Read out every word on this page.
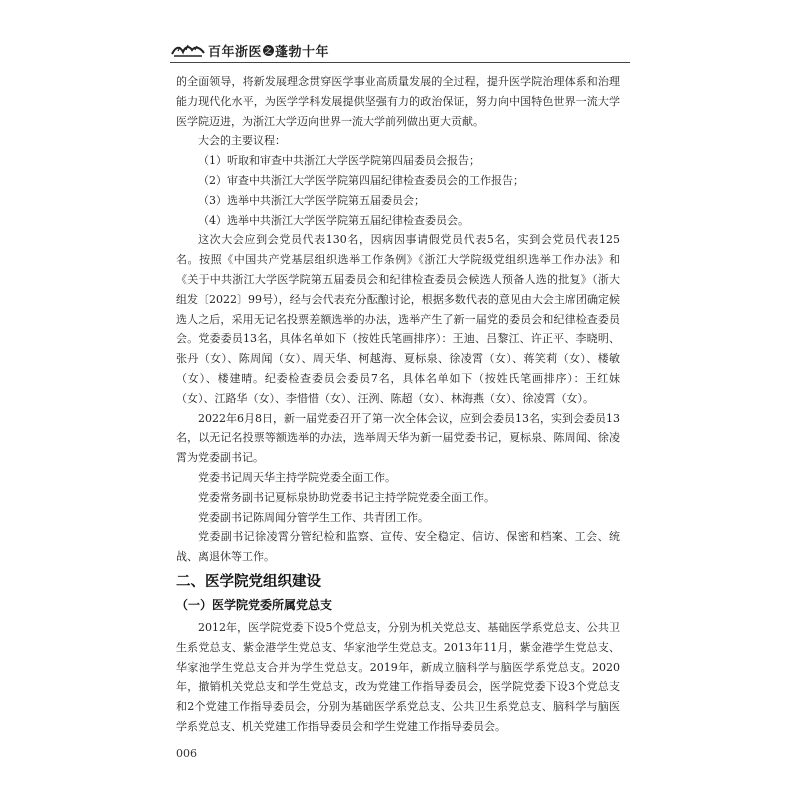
百年浙医 之 蓬勃十年

的全面领导，将新发展理念贯穿医学事业高质量发展的全过程，提升医学院治理体系和治理能力现代化水平，为医学学科发展提供坚强有力的政治保证，努力向中国特色世界一流大学医学院迈进，为浙江大学迈向世界一流大学前列做出更大贡献。

大会的主要议程：

（1）听取和审查中共浙江大学医学院第四届委员会报告；

（2）审查中共浙江大学医学院第四届纪律检查委员会的工作报告；

（3）选举中共浙江大学医学院第五届委员会；

（4）选举中共浙江大学医学院第五届纪律检查委员会。

这次大会应到会党员代表130名，因病因事请假党员代表5名，实到会党员代表125名。按照《中国共产党基层组织选举工作条例》《浙江大学院级党组织选举工作办法》和《关于中共浙江大学医学院第五届委员会和纪律检查委员会候选人预备人选的批复》（浙大组发〔2022〕99号），经与会代表充分酝酿讨论，根据多数代表的意见由大会主席团确定候选人之后，采用无记名投票差额选举的办法，选举产生了新一届党的委员会和纪律检查委员会。党委委员13名，具体名单如下（按姓氏笔画排序）：王迪、吕黎江、许正平、李晓明、张丹（女）、陈周闻（女）、周天华、柯越海、夏标泉、徐凌霄（女）、蒋笑莉（女）、楼敏（女）、楼建晴。纪委检查委员会委员7名，具体名单如下（按姓氏笔画排序）：王红妹（女）、江路华（女）、李惜惜（女）、汪洌、陈超（女）、林海燕（女）、徐凌霄（女）。

2022年6月8日，新一届党委召开了第一次全体会议，应到会委员13名，实到会委员13名，以无记名投票等额选举的办法，选举周天华为新一届党委书记，夏标泉、陈周闻、徐凌霄为党委副书记。

党委书记周天华主持学院党委全面工作。

党委常务副书记夏标泉协助党委书记主持学院党委全面工作。

党委副书记陈周闻分管学生工作、共青团工作。

党委副书记徐凌霄分管纪检和监察、宣传、安全稳定、信访、保密和档案、工会、统战、离退休等工作。

二、医学院党组织建设
（一）医学院党委所属党总支

2012年，医学院党委下设5个党总支，分别为机关党总支、基础医学系党总支、公共卫生系党总支、紫金港学生党总支、华家池学生党总支。2013年11月，紫金港学生党总支、华家池学生党总支合并为学生党总支。2019年，新成立脑科学与脑医学系党总支。2020年，撤销机关党总支和学生党总支，改为党建工作指导委员会，医学院党委下设3个党总支和2个党建工作指导委员会，分别为基础医学系党总支、公共卫生系党总支、脑科学与脑医学系党总支、机关党建工作指导委员会和学生党建工作指导委员会。

006
